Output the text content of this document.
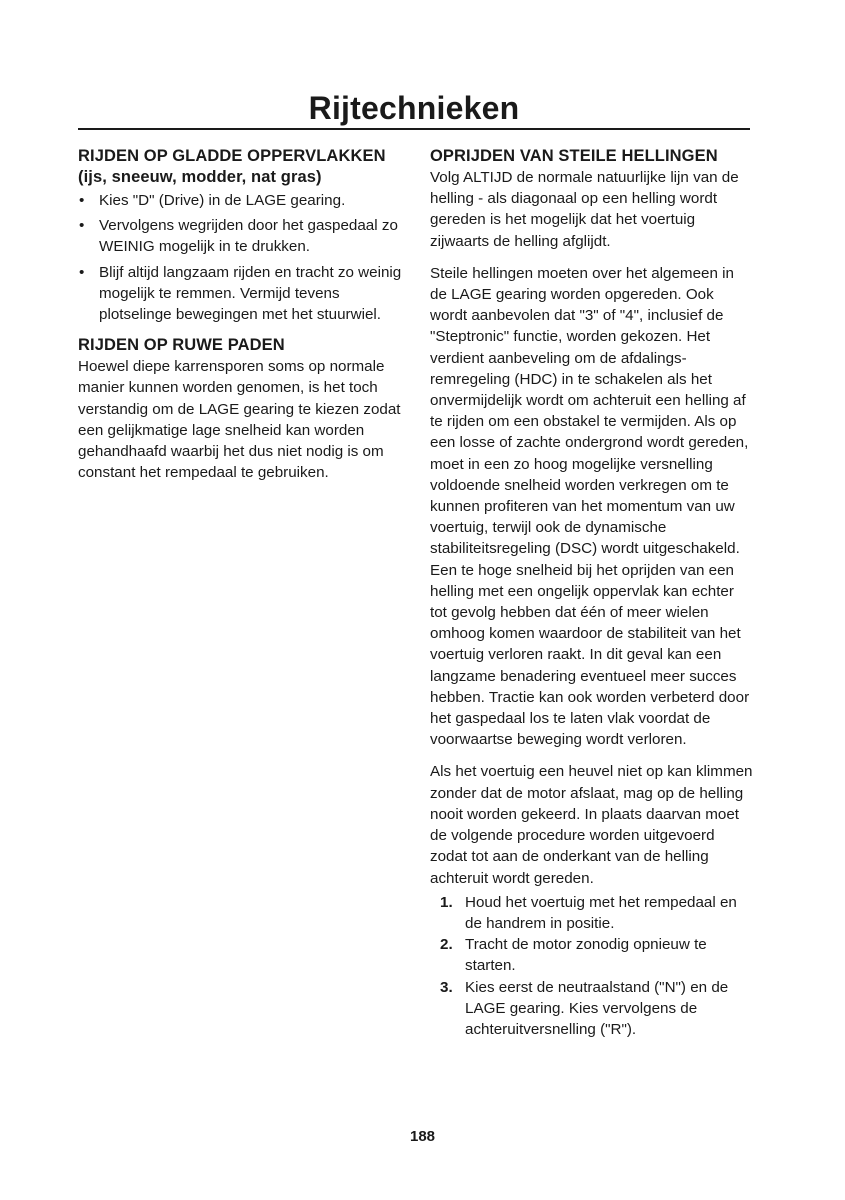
Rijtechnieken
RIJDEN OP GLADDE OPPERVLAKKEN
(ijs, sneeuw, modder, nat gras)
• Kies "D" (Drive) in de LAGE gearing.
• Vervolgens wegrijden door het gaspedaal zo WEINIG mogelijk in te drukken.
• Blijf altijd langzaam rijden en tracht zo weinig mogelijk te remmen. Vermijd tevens plotselinge bewegingen met het stuurwiel.
RIJDEN OP RUWE PADEN

Hoewel diepe karrensporen soms op normale manier kunnen worden genomen, is het toch verstandig om de LAGE gearing te kiezen zodat een gelijkmatige lage snelheid kan worden gehandhaafd waarbij het dus niet nodig is om constant het rempedaal te gebruiken.

OPRIJDEN VAN STEILE HELLINGEN

Volg ALTIJD de normale natuurlijke lijn van de helling - als diagonaal op een helling wordt gereden is het mogelijk dat het voertuig zijwaarts de helling afglijdt.

Steile hellingen moeten over het algemeen in de LAGE gearing worden opgereden. Ook wordt aanbevolen dat "3" of "4", inclusief de "Steptronic" functie, worden gekozen. Het verdient aanbeveling om de afdalings-remregeling (HDC) in te schakelen als het onvermijdelijk wordt om achteruit een helling af te rijden om een obstakel te vermijden. Als op een losse of zachte ondergrond wordt gereden, moet in een zo hoog mogelijke versnelling voldoende snelheid worden verkregen om te kunnen profiteren van het momentum van uw voertuig, terwijl ook de dynamische stabiliteitsregeling (DSC) wordt uitgeschakeld. Een te hoge snelheid bij het oprijden van een helling met een ongelijk oppervlak kan echter tot gevolg hebben dat één of meer wielen omhoog komen waardoor de stabiliteit van het voertuig verloren raakt. In dit geval kan een langzame benadering eventueel meer succes hebben. Tractie kan ook worden verbeterd door het gaspedaal los te laten vlak voordat de voorwaartse beweging wordt verloren.

Als het voertuig een heuvel niet op kan klimmen zonder dat de motor afslaat, mag op de helling nooit worden gekeerd. In plaats daarvan moet de volgende procedure worden uitgevoerd zodat tot aan de onderkant van de helling achteruit wordt gereden.

1. Houd het voertuig met het rempedaal en de handrem in positie.
2. Tracht de motor zonodig opnieuw te starten.
3. Kies eerst de neutraalstand ("N") en de LAGE gearing. Kies vervolgens de achteruitversnelling ("R").
188
